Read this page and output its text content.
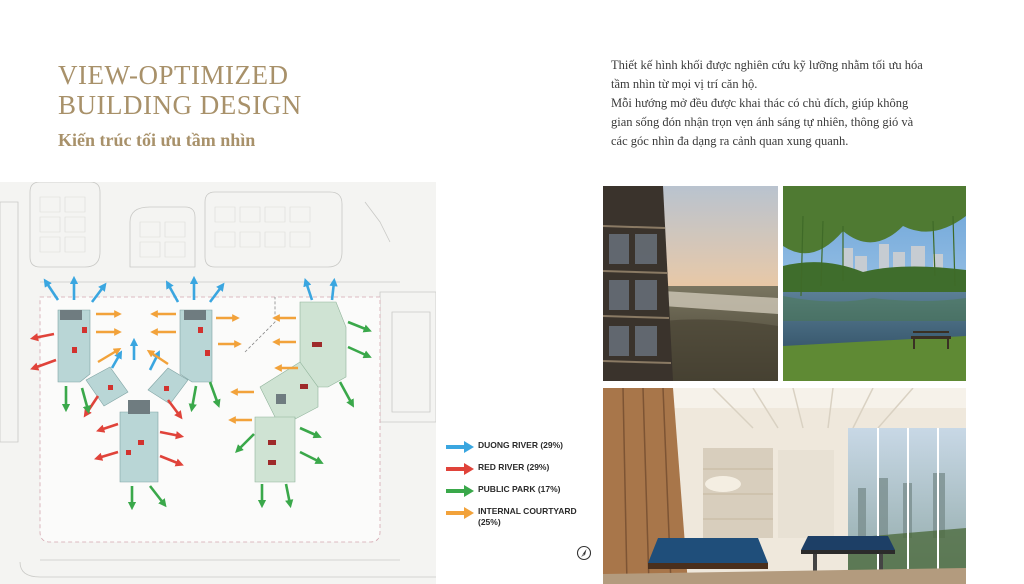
VIEW-OPTIMIZED
BUILDING DESIGN
Kiến trúc tối ưu tầm nhìn

Thiết kế hình khối được nghiên cứu kỹ lưỡng nhằm tối ưu hóa

tầm nhìn từ mọi vị trí căn hộ.

Mỗi hướng mở đều được khai thác có chủ đích, giúp không

gian sống đón nhận trọn vẹn ánh sáng tự nhiên, thông gió và

các góc nhìn đa dạng ra cảnh quan xung quanh.

DUONG RIVER (29%)
RED RIVER (29%)
PUBLIC PARK (17%)
INTERNAL COURTYARD (25%)
